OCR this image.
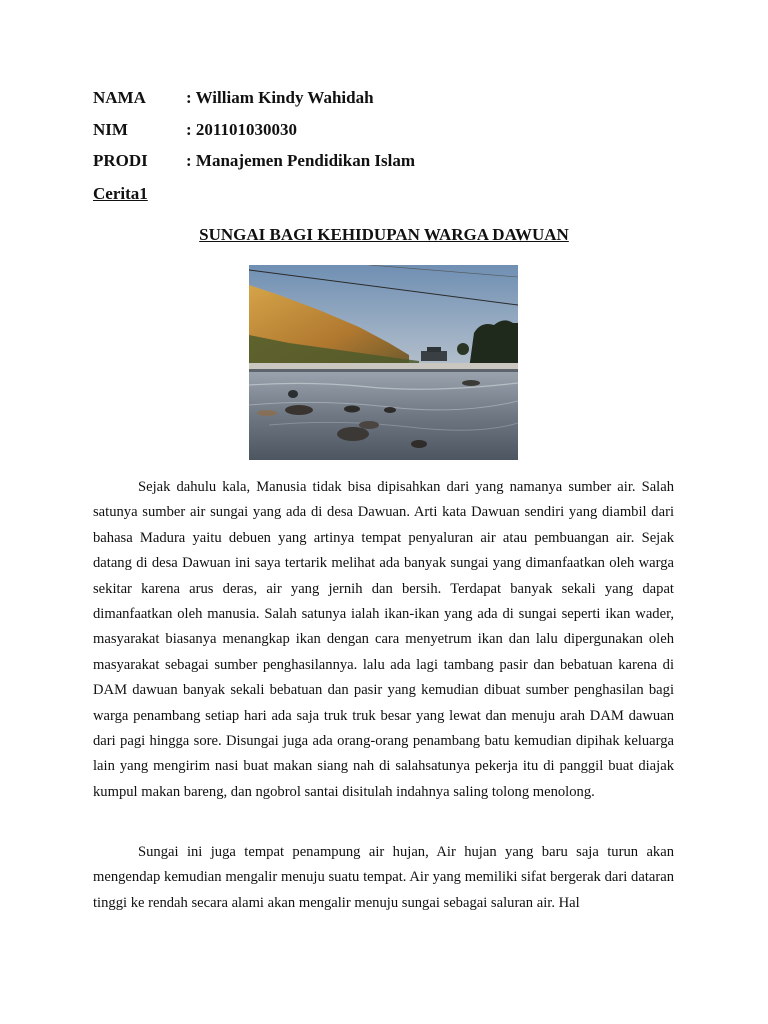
NAMA : William Kindy Wahidah
NIM	: 201101030030
PRODI : Manajemen Pendidikan Islam
Cerita1
SUNGAI BAGI KEHIDUPAN WARGA DAWUAN

Sejak dahulu kala, Manusia tidak bisa dipisahkan dari yang namanya sumber air. Salah satunya sumber air sungai yang ada di desa Dawuan. Arti kata Dawuan sendiri yang diambil dari bahasa Madura yaitu debuen yang artinya tempat penyaluran air atau pembuangan air. Sejak datang di desa Dawuan ini saya tertarik melihat ada banyak sungai yang dimanfaatkan oleh warga sekitar karena arus deras, air yang jernih dan bersih. Terdapat banyak sekali yang dapat dimanfaatkan oleh manusia. Salah satunya ialah ikan-ikan yang ada di sungai seperti ikan wader, masyarakat biasanya menangkap ikan dengan cara menyetrum ikan dan lalu dipergunakan oleh masyarakat sebagai sumber penghasilannya. lalu ada lagi tambang pasir dan bebatuan karena di DAM dawuan banyak sekali bebatuan dan pasir yang kemudian dibuat sumber penghasilan bagi warga penambang setiap hari ada saja truk truk besar yang lewat dan menuju arah DAM dawuan dari pagi hingga sore. Disungai juga ada orang-orang penambang batu kemudian dipihak keluarga lain yang mengirim nasi buat makan siang nah di salahsatunya pekerja itu di panggil buat diajak kumpul makan bareng, dan ngobrol santai disitulah indahnya saling tolong menolong.

Sungai ini juga tempat penampung air hujan, Air hujan yang baru saja turun akan mengendap kemudian mengalir menuju suatu tempat. Air yang memiliki sifat bergerak dari dataran tinggi ke rendah secara alami akan mengalir menuju sungai sebagai saluran air. Hal
